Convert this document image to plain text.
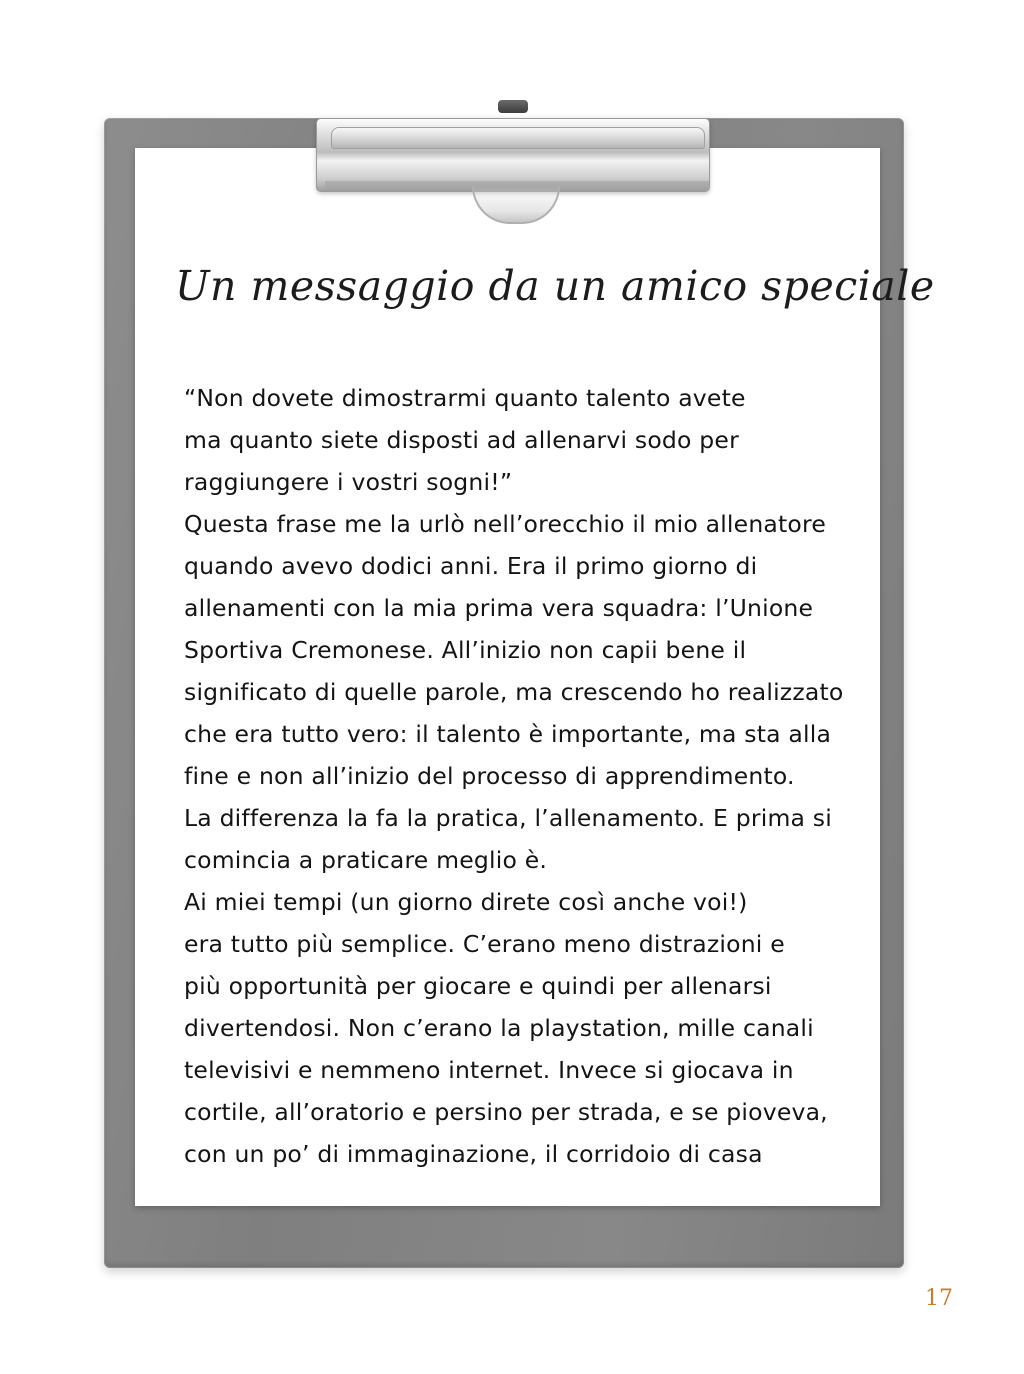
Un messaggio da un amico speciale

“Non dovete dimostrarmi quanto talento avete
ma quanto siete disposti ad allenarvi sodo per
raggiungere i vostri sogni!”

Questa frase me la urlò nell’orecchio il mio allenatore
quando avevo dodici anni. Era il primo giorno di
allenamenti con la mia prima vera squadra: l’Unione
Sportiva Cremonese. All’inizio non capii bene il
significato di quelle parole, ma crescendo ho realizzato
che era tutto vero: il talento è importante, ma sta alla
fine e non all’inizio del processo di apprendimento.
La differenza la fa la pratica, l’allenamento. E prima si
comincia a praticare meglio è.

Ai miei tempi (un giorno direte così anche voi!)
era tutto più semplice. C’erano meno distrazioni e
più opportunità per giocare e quindi per allenarsi
divertendosi. Non c’erano la playstation, mille canali
televisivi e nemmeno internet. Invece si giocava in
cortile, all’oratorio e persino per strada, e se pioveva,
con un po’ di immaginazione, il corridoio di casa

17
